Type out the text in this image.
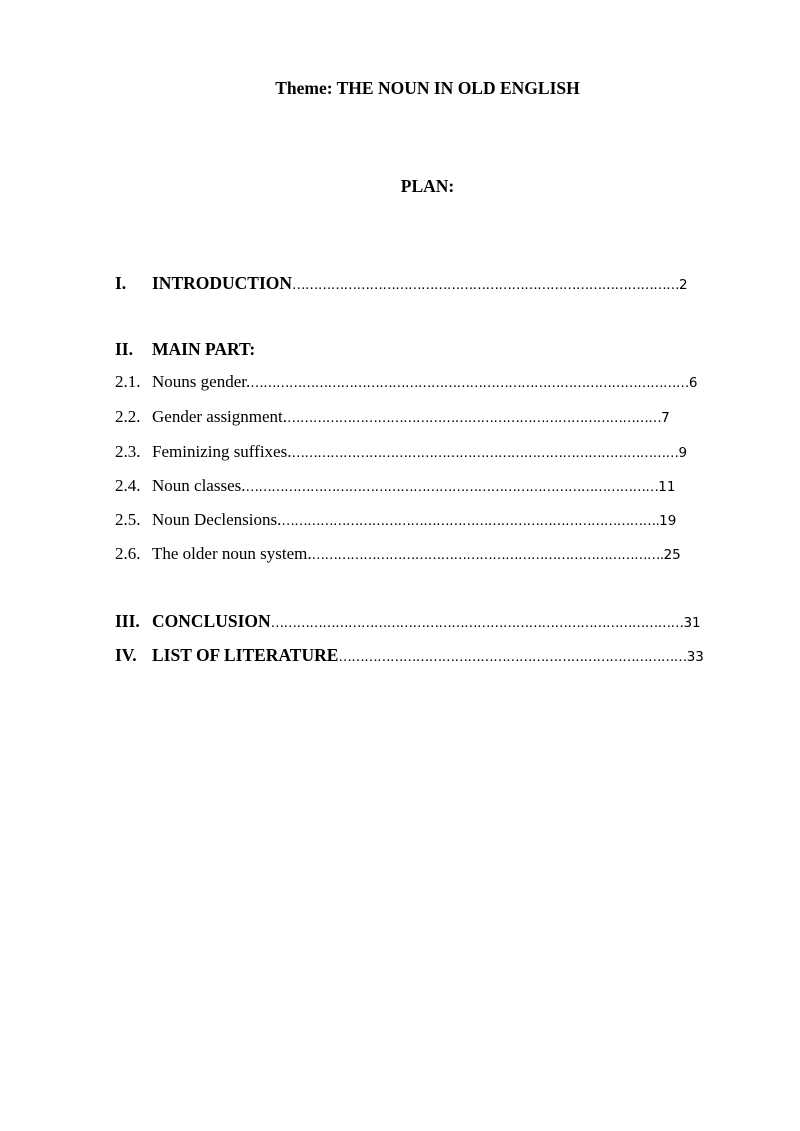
Theme: THE NOUN IN OLD ENGLISH
PLAN:
I. INTRODUCTION………………………………………………………………………………2
II. MAIN PART:
2.1. Nouns gender.…………………………………………………………………………………………6
2.2. Gender assignment.……………………………………………………………………………7
2.3. Feminizing suffixes.………………………………………………………………………………9
2.4. Noun classes.……………………………………………………………………………………11
2.5. Noun Declensions.…………………………………………………………………………….19
2.6. The older noun system.……………………………………………………………………….25
III. CONCLUSION……………………………………………………………………………………31
IV. LIST OF LITERATURE………………………………………………………………………33
